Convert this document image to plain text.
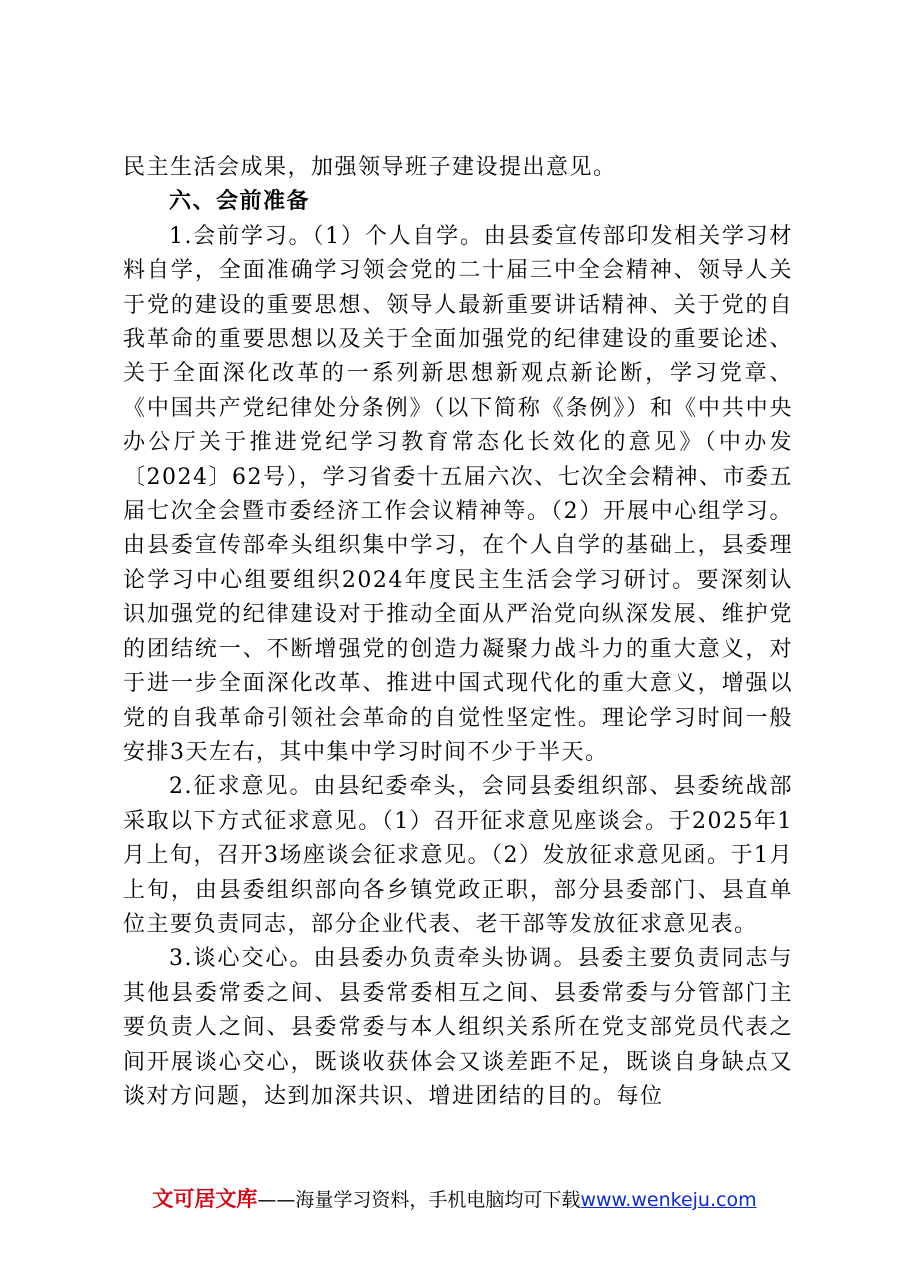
民主生活会成果，加强领导班子建设提出意见。

六、会前准备

1.会前学习。（1）个人自学。由县委宣传部印发相关学习材料自学，全面准确学习领会党的二十届三中全会精神、领导人关于党的建设的重要思想、领导人最新重要讲话精神、关于党的自我革命的重要思想以及关于全面加强党的纪律建设的重要论述、关于全面深化改革的一系列新思想新观点新论断，学习党章、《中国共产党纪律处分条例》（以下简称《条例》）和《中共中央办公厅关于推进党纪学习教育常态化长效化的意见》（中办发〔2024〕62号），学习省委十五届六次、七次全会精神、市委五届七次全会暨市委经济工作会议精神等。（2）开展中心组学习。由县委宣传部牵头组织集中学习，在个人自学的基础上，县委理论学习中心组要组织2024年度民主生活会学习研讨。要深刻认识加强党的纪律建设对于推动全面从严治党向纵深发展、维护党的团结统一、不断增强党的创造力凝聚力战斗力的重大意义，对于进一步全面深化改革、推进中国式现代化的重大意义，增强以党的自我革命引领社会革命的自觉性坚定性。理论学习时间一般安排3天左右，其中集中学习时间不少于半天。

2.征求意见。由县纪委牵头，会同县委组织部、县委统战部采取以下方式征求意见。（1）召开征求意见座谈会。于2025年1月上旬，召开3场座谈会征求意见。（2）发放征求意见函。于1月上旬，由县委组织部向各乡镇党政正职，部分县委部门、县直单位主要负责同志，部分企业代表、老干部等发放征求意见表。

3.谈心交心。由县委办负责牵头协调。县委主要负责同志与其他县委常委之间、县委常委相互之间、县委常委与分管部门主要负责人之间、县委常委与本人组织关系所在党支部党员代表之间开展谈心交心，既谈收获体会又谈差距不足，既谈自身缺点又谈对方问题，达到加深共识、增进团结的目的。每位

文可居文库——海量学习资料，手机电脑均可下载www.wenkeju.com
